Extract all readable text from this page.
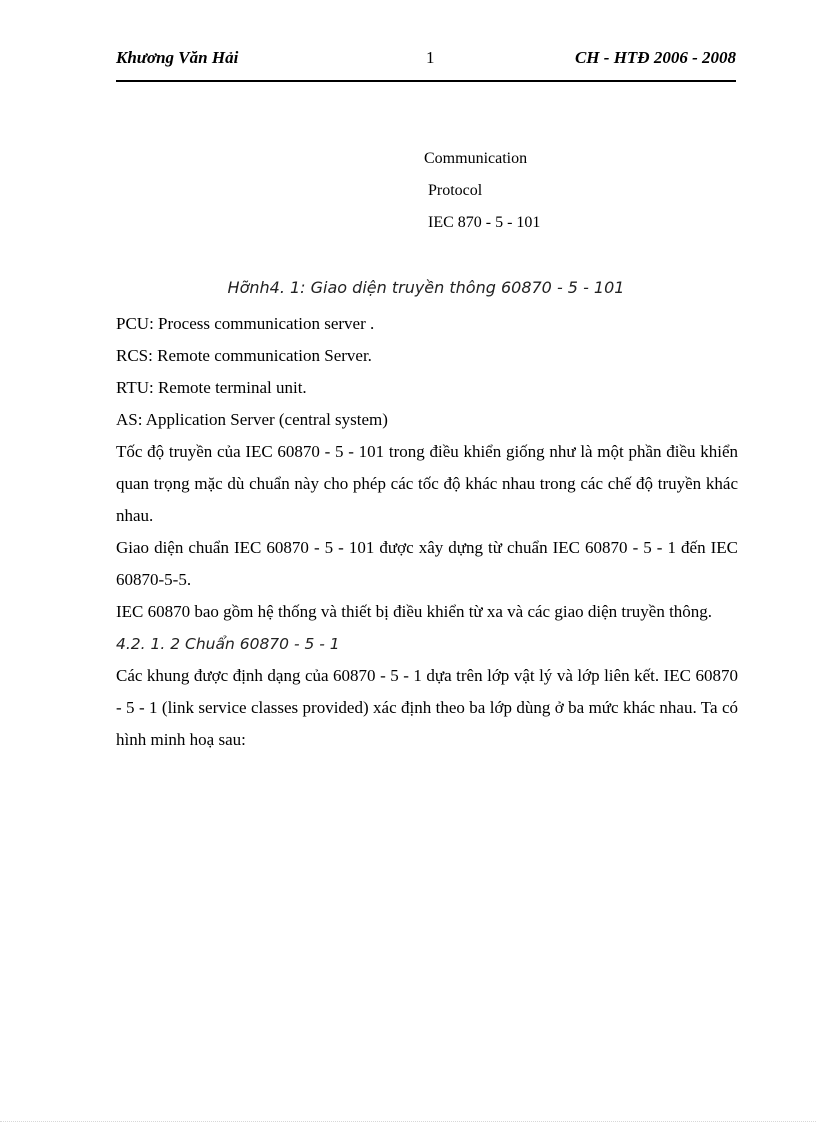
Khương Văn Hải	1	CH - HTĐ 2006 - 2008
Communication
Protocol
IEC 870 - 5 - 101
Hỡnh4. 1: Giao diện truyền thông 60870 - 5 - 101

PCU: Process communication server .

RCS: Remote communication Server.

RTU: Remote terminal unit.

AS: Application Server (central system)

Tốc độ truyền của IEC 60870 - 5 - 101 trong điều khiển giống như là một phần điều khiển quan trọng mặc dù chuẩn này cho phép các tốc độ khác nhau trong các chế độ truyền khác nhau.

Giao diện chuẩn IEC 60870 - 5 - 101 được xây dựng từ chuẩn IEC 60870 - 5 - 1 đến IEC 60870-5-5.

IEC 60870 bao gồm hệ thống và thiết bị điều khiển từ xa và các giao diện truyền thông.

4.2. 1. 2 Chuẩn 60870 - 5 - 1

Các khung được định dạng của 60870 - 5 - 1 dựa trên lớp vật lý và lớp liên kết. IEC 60870 - 5 - 1 (link service classes provided) xác định theo ba lớp dùng ở ba mức khác nhau. Ta có hình minh hoạ sau:
